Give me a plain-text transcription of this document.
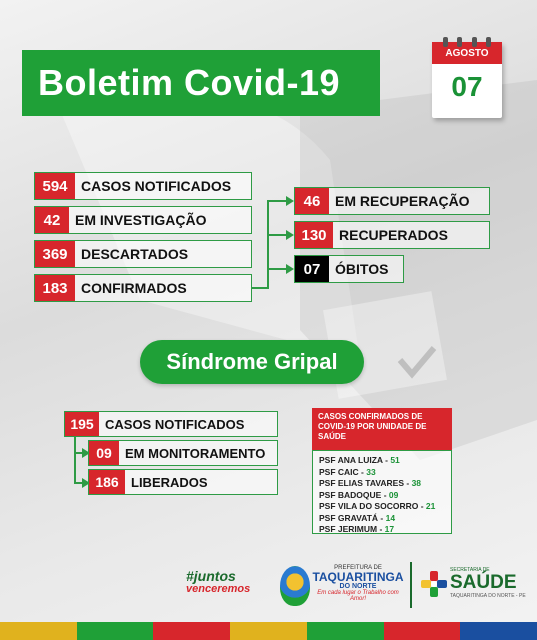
Boletim Covid-19
AGOSTO
07
594 CASOS NOTIFICADOS
42	EM INVESTIGAÇÃO
369 DESCARTADOS
183 CONFIRMADOS
46	EM RECUPERAÇÃO
130 RECUPERADOS
07	ÓBITOS
Síndrome Gripal
195 CASOS NOTIFICADOS
09	EM MONITORAMENTO
186 LIBERADOS
CASOS CONFIRMADOS DE COVID-19 POR UNIDADE DE SAÚDE
PSF ANA LUIZA - 51
PSF CAIC - 33
PSF ELIAS TAVARES - 38
PSF BADOQUE - 09
PSF VILA DO SOCORRO - 21
PSF GRAVATÁ - 14
PSF JERIMUM - 17
#juntos
venceremos
PREFEITURA DE
TAQUARITINGA
DO NORTE
Em cada lugar o Trabalho com Amor!
SECRETARIA DE
SAÚDE
TAQUARITINGA DO NORTE - PE
